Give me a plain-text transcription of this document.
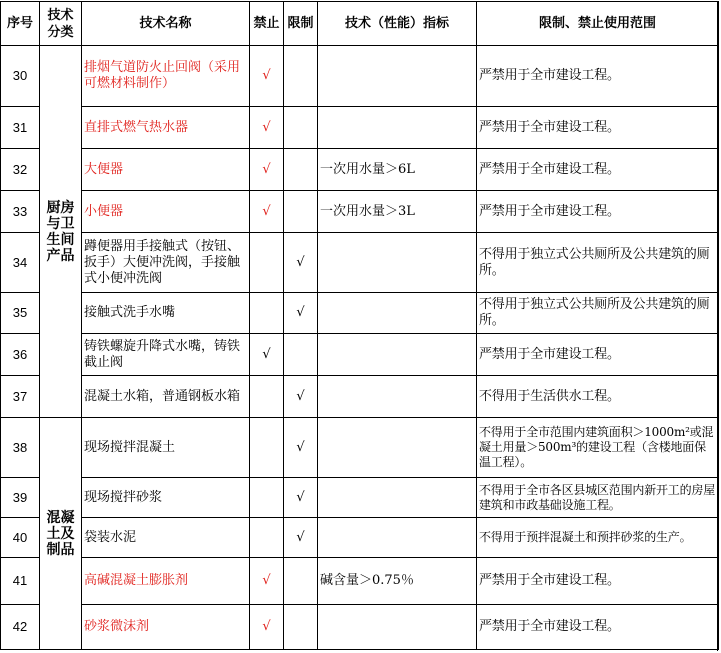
序号	技术分类	技术名称	禁止	限制	技术（性能）指标	限制、禁止使用范围
30	厨房与卫生间产品	排烟气道防火止回阀（采用可燃材料制作）	√			严禁用于全市建设工程。
31		直排式燃气热水器	√			严禁用于全市建设工程。
32		大便器	√		一次用水量＞6L	严禁用于全市建设工程。
33		小便器	√		一次用水量＞3L	严禁用于全市建设工程。
34		蹲便器用手接触式（按钮、扳手）大便冲洗阀，手接触式小便冲洗阀		√		不得用于独立式公共厕所及公共建筑的厕所。
35		接触式洗手水嘴		√		不得用于独立式公共厕所及公共建筑的厕所。
36		铸铁螺旋升降式水嘴，铸铁截止阀	√			严禁用于全市建设工程。
37		混凝土水箱，普通钢板水箱		√		不得用于生活供水工程。
38	混凝土及制品	现场搅拌混凝土		√		不得用于全市范围内建筑面积＞1000m²或混凝土用量＞500m³的建设工程（含楼地面保温工程）。
39		现场搅拌砂浆		√		不得用于全市各区县城区范围内新开工的房屋建筑和市政基础设施工程。
40		袋装水泥		√		不得用于预拌混凝土和预拌砂浆的生产。
41		高碱混凝土膨胀剂	√		碱含量＞0.75％	严禁用于全市建设工程。
42		砂浆微沫剂	√			严禁用于全市建设工程。
